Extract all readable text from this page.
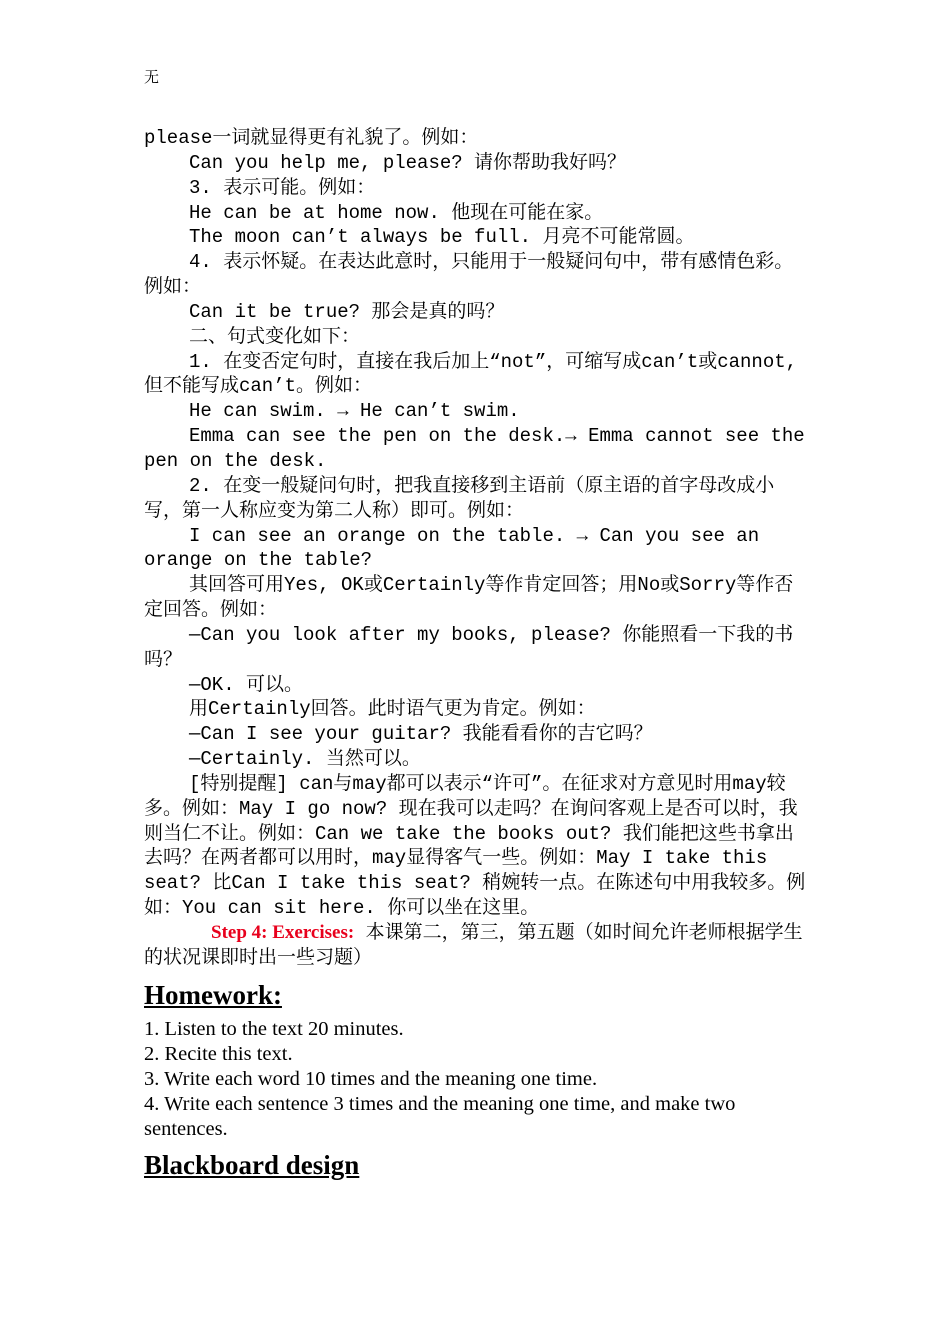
无

please一词就显得更有礼貌了。例如：

Can you help me, please? 请你帮助我好吗？

3. 表示可能。例如：

He can be at home now. 他现在可能在家。

The moon can’t always be full. 月亮不可能常圆。

4. 表示怀疑。在表达此意时，只能用于一般疑问句中，带有感情色彩。例如：

Can it be true? 那会是真的吗？

二、句式变化如下：

1. 在变否定句时，直接在我后加上“not”，可缩写成can’t或cannot, 但不能写成can’t。例如：

He can swim. → He can’t swim.

Emma can see the pen on the desk.→ Emma cannot see the pen on the desk.

2. 在变一般疑问句时，把我直接移到主语前（原主语的首字母改成小写，第一人称应变为第二人称）即可。例如：

I can see an orange on the table. → Can you see an orange on the table?

其回答可用Yes, OK或Certainly等作肯定回答；用No或Sorry等作否定回答。例如：

—Can you look after my books, please? 你能照看一下我的书吗？

—OK. 可以。

用Certainly回答。此时语气更为肯定。例如：

—Can I see your guitar? 我能看看你的吉它吗？

—Certainly. 当然可以。

[特别提醒] can与may都可以表示“许可”。在征求对方意见时用may较多。例如：May I go now? 现在我可以走吗？在询问客观上是否可以时，我则当仁不让。例如：Can we take the books out? 我们能把这些书拿出去吗？在两者都可以用时，may显得客气一些。例如：May I take this seat? 比Can I take this seat? 稍婉转一点。在陈述句中用我较多。例如：You can sit here. 你可以坐在这里。

Step 4: Exercises: 本课第二，第三，第五题（如时间允许老师根据学生的状况课即时出一些习题）

Homework:

1. Listen to the text 20 minutes.

2. Recite this text.

3. Write each word 10 times and the meaning one time.

4. Write each sentence 3 times and the meaning one time, and make two sentences.

Blackboard design
